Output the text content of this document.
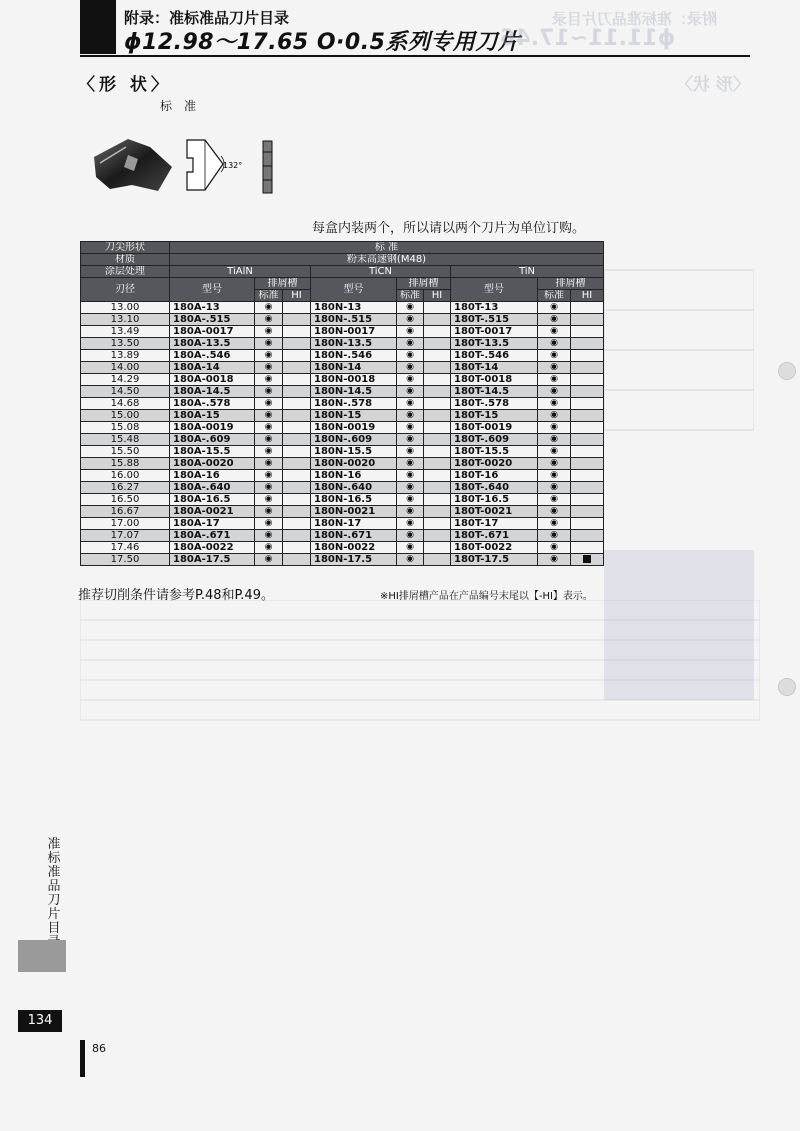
附录：准标准品刀片目录
ϕ12.98～17.65 O·0.5系列专用刀片
附录：准标准品刀片目录
ϕ11.11~17.46
〈形 状〉
〈形 状〉
标准
132°
每盒内装两个，所以请以两个刀片为单位订购。
刀尖形状	标 准								
材质	粉末高速钢(M48)								
涂层处理	TiAlN			TiCN			TiN		
刃径	型号	排屑槽		型号	排屑槽		型号	排屑槽	
		标准	HI		标准	HI		标准	HI
13.00	180A-13	◉		180N-13	◉		180T-13	◉	
13.10	180A-.515	◉		180N-.515	◉		180T-.515	◉	
13.49	180A-0017	◉		180N-0017	◉		180T-0017	◉	
13.50	180A-13.5	◉		180N-13.5	◉		180T-13.5	◉	
13.89	180A-.546	◉		180N-.546	◉		180T-.546	◉	
14.00	180A-14	◉		180N-14	◉		180T-14	◉	
14.29	180A-0018	◉		180N-0018	◉		180T-0018	◉	
14.50	180A-14.5	◉		180N-14.5	◉		180T-14.5	◉	
14.68	180A-.578	◉		180N-.578	◉		180T-.578	◉	
15.00	180A-15	◉		180N-15	◉		180T-15	◉	
15.08	180A-0019	◉		180N-0019	◉		180T-0019	◉	
15.48	180A-.609	◉		180N-.609	◉		180T-.609	◉	
15.50	180A-15.5	◉		180N-15.5	◉		180T-15.5	◉	
15.88	180A-0020	◉		180N-0020	◉		180T-0020	◉	
16.00	180A-16	◉		180N-16	◉		180T-16	◉	
16.27	180A-.640	◉		180N-.640	◉		180T-.640	◉	
16.50	180A-16.5	◉		180N-16.5	◉		180T-16.5	◉	
16.67	180A-0021	◉		180N-0021	◉		180T-0021	◉	
17.00	180A-17	◉		180N-17	◉		180T-17	◉	
17.07	180A-.671	◉		180N-.671	◉		180T-.671	◉	
17.46	180A-0022	◉		180N-0022	◉		180T-0022	◉	
17.50	180A-17.5	◉		180N-17.5	◉		180T-17.5	◉	
推荐切削条件请参考P.48和P.49。	※HI排屑槽产品在产品编号末尾以【-HI】表示。
准标准品刀片目
134
86
